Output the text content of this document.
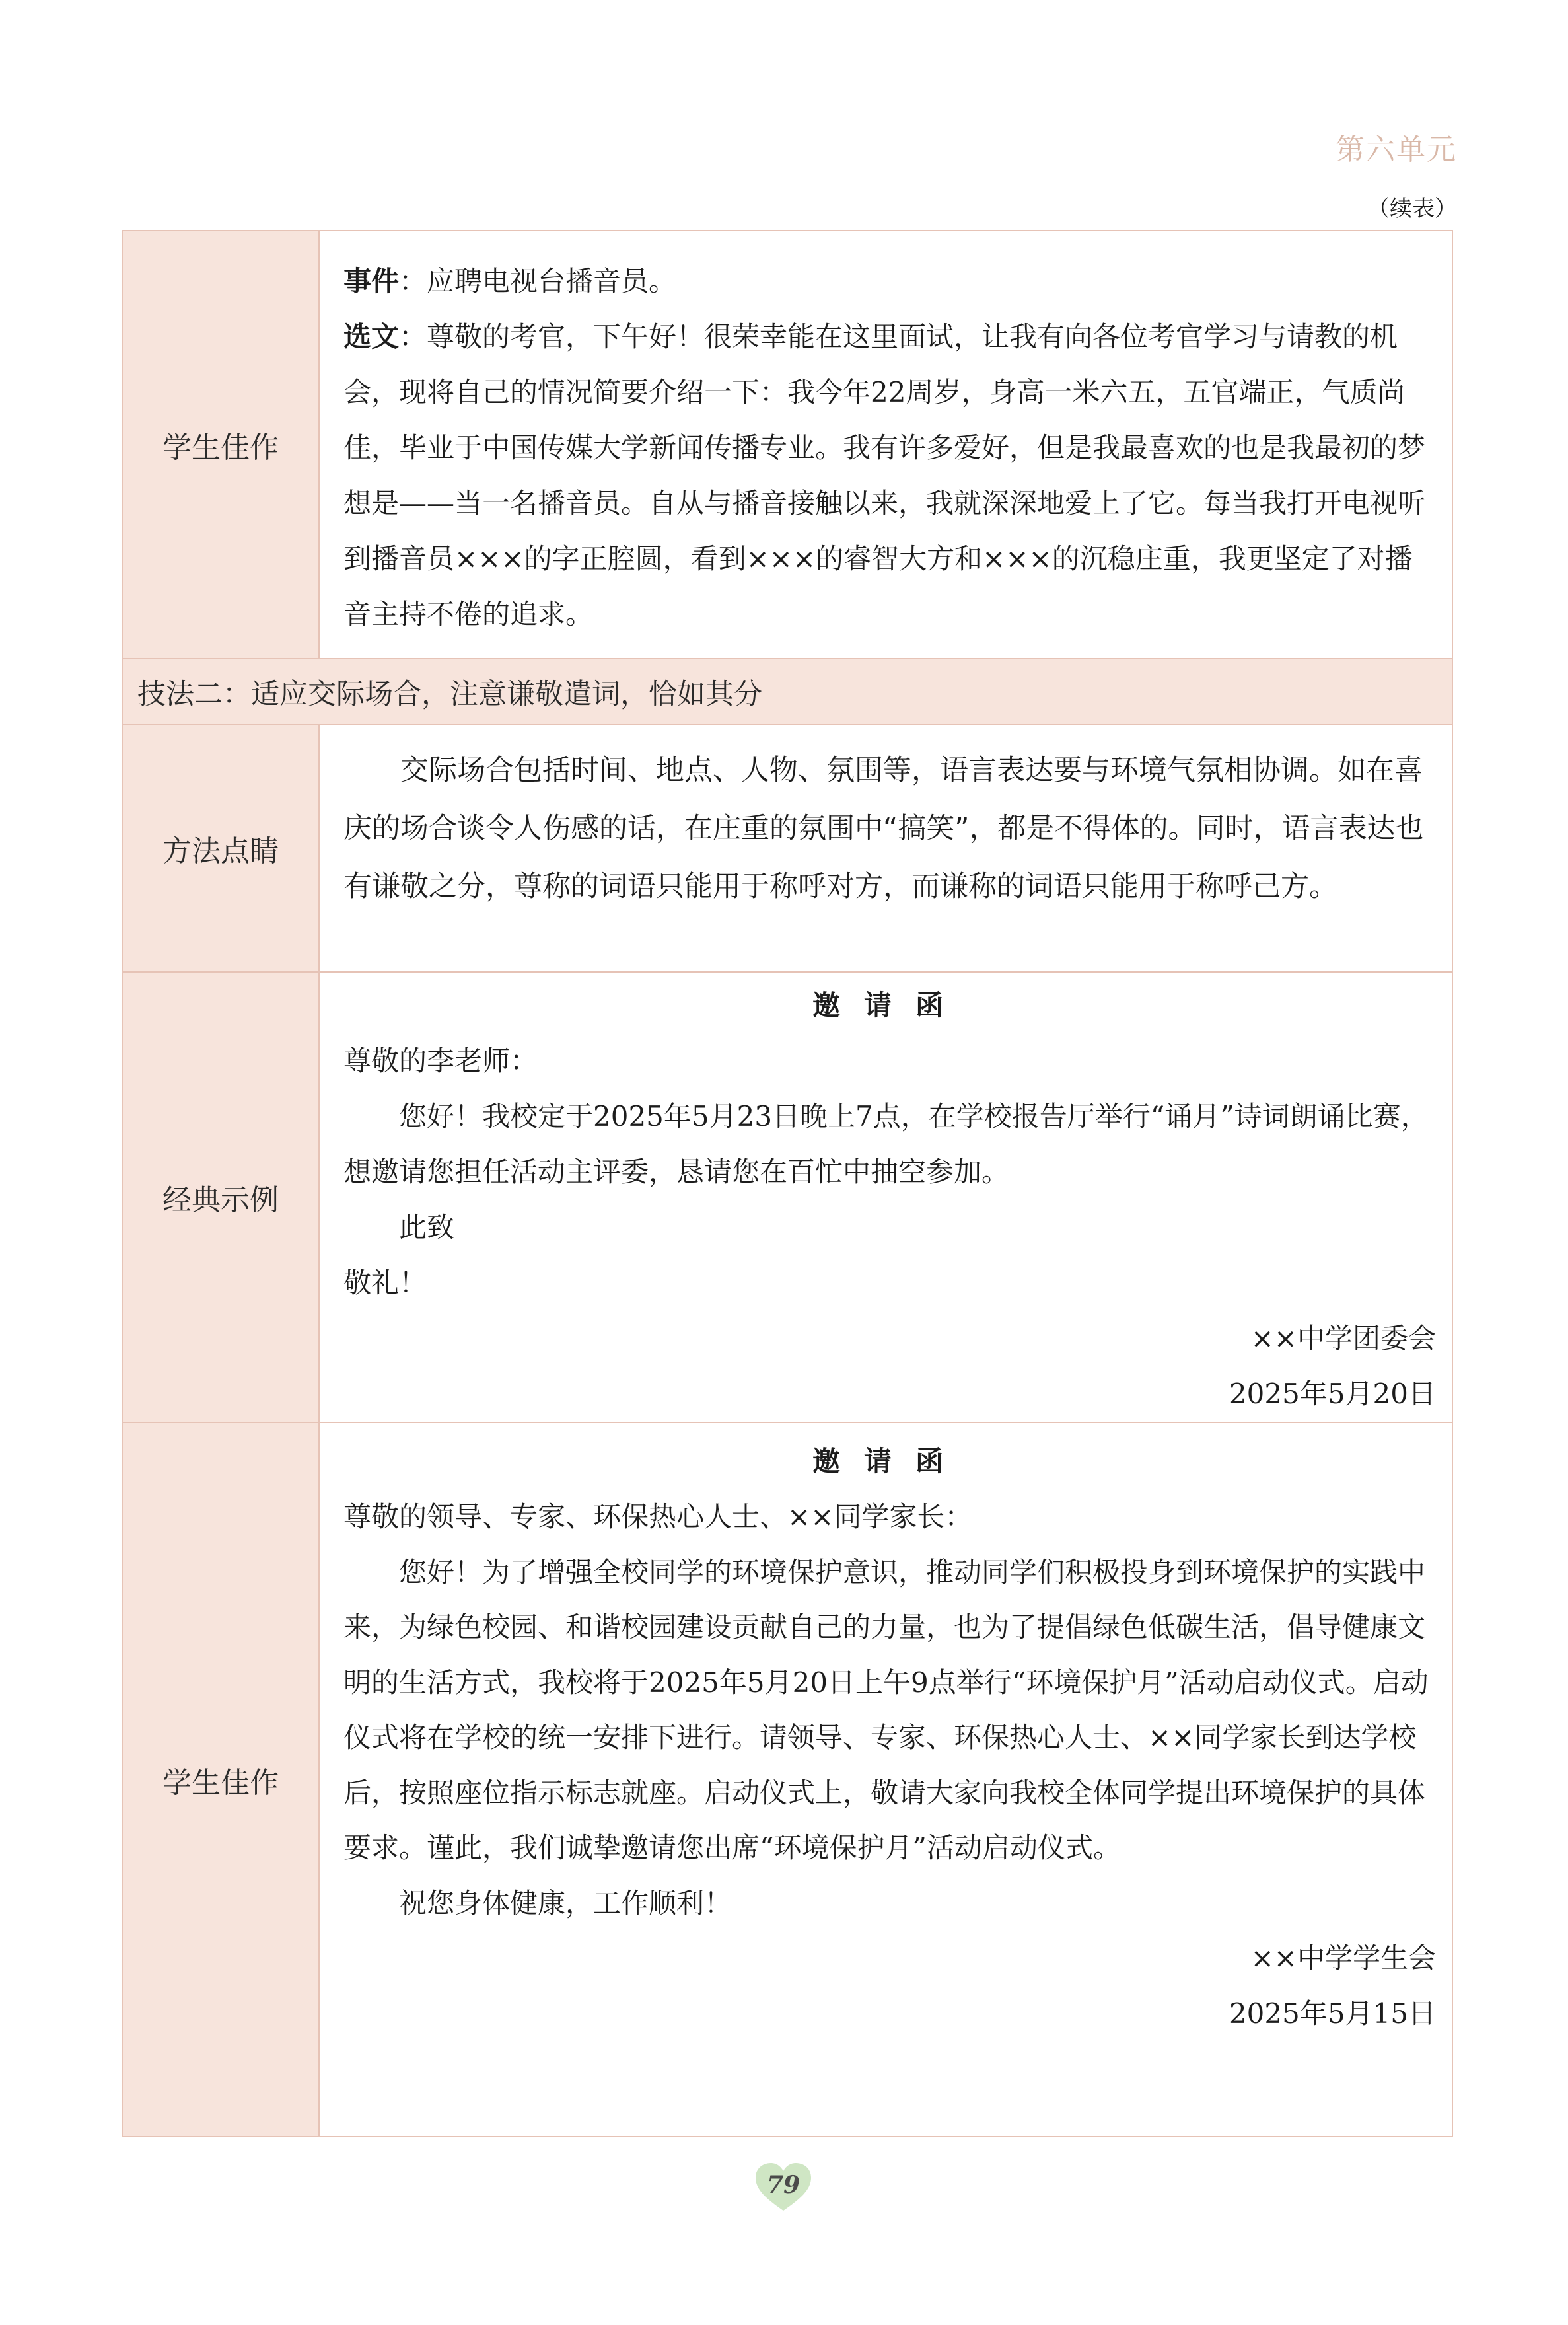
第六单元
（续表）
学生佳作

事件：应聘电视台播音员。

选文：尊敬的考官，下午好！很荣幸能在这里面试，让我有向各位考官学习与请教的机会，现将自己的情况简要介绍一下：我今年22周岁，身高一米六五，五官端正，气质尚佳，毕业于中国传媒大学新闻传播专业。我有许多爱好，但是我最喜欢的也是我最初的梦想是——当一名播音员。自从与播音接触以来，我就深深地爱上了它。每当我打开电视听到播音员×××的字正腔圆，看到×××的睿智大方和×××的沉稳庄重，我更坚定了对播音主持不倦的追求。

技法二：适应交际场合，注意谦敬遣词，恰如其分
方法点睛

交际场合包括时间、地点、人物、氛围等，语言表达要与环境气氛相协调。如在喜庆的场合谈令人伤感的话，在庄重的氛围中“搞笑”，都是不得体的。同时，语言表达也有谦敬之分，尊称的词语只能用于称呼对方，而谦称的词语只能用于称呼己方。

经典示例

邀请函

尊敬的李老师：

您好！我校定于2025年5月23日晚上7点，在学校报告厅举行“诵月”诗词朗诵比赛，想邀请您担任活动主评委，恳请您在百忙中抽空参加。

此致

敬礼！

××中学团委会

2025年5月20日

学生佳作

邀请函

尊敬的领导、专家、环保热心人士、××同学家长：

您好！为了增强全校同学的环境保护意识，推动同学们积极投身到环境保护的实践中来，为绿色校园、和谐校园建设贡献自己的力量，也为了提倡绿色低碳生活，倡导健康文明的生活方式，我校将于2025年5月20日上午9点举行“环境保护月”活动启动仪式。启动仪式将在学校的统一安排下进行。请领导、专家、环保热心人士、××同学家长到达学校后，按照座位指示标志就座。启动仪式上，敬请大家向我校全体同学提出环境保护的具体要求。谨此，我们诚挚邀请您出席“环境保护月”活动启动仪式。

祝您身体健康，工作顺利！

××中学学生会

2025年5月15日

79
